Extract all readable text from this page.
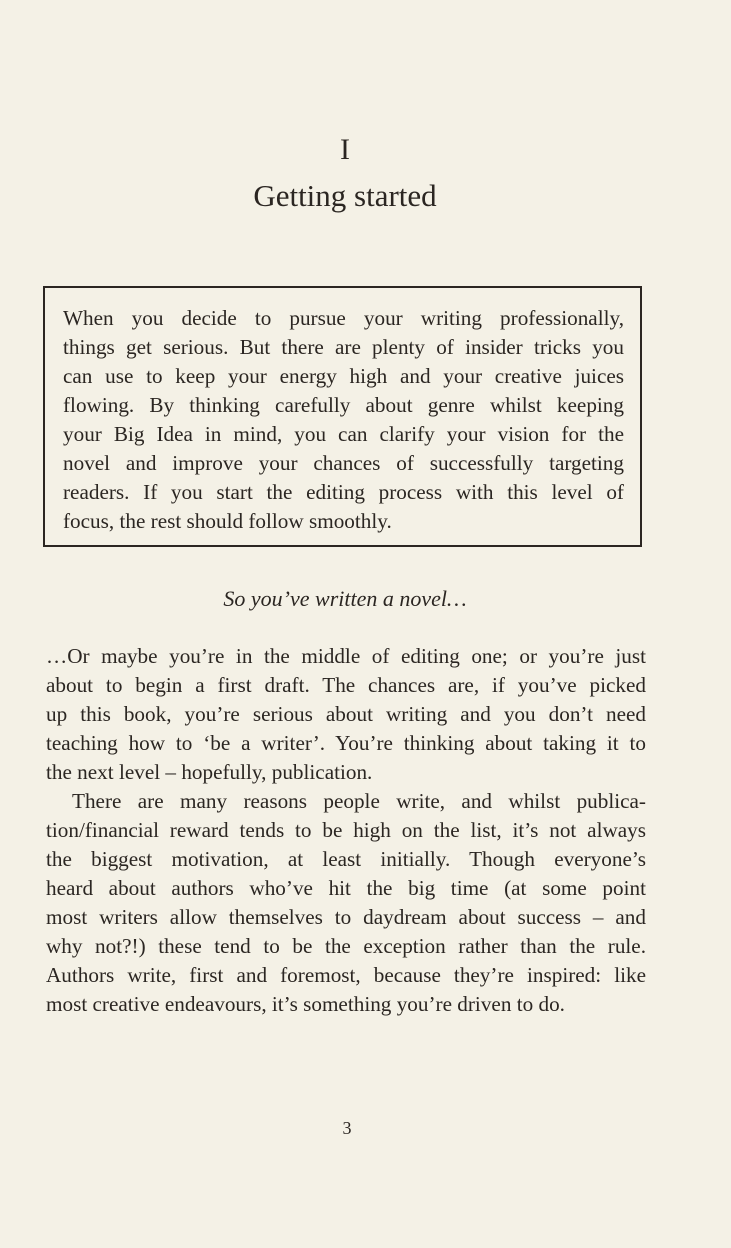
I
Getting started
When you decide to pursue your writing professionally,
things get serious. But there are plenty of insider tricks you
can use to keep your energy high and your creative juices
flowing. By thinking carefully about genre whilst keeping
your Big Idea in mind, you can clarify your vision for the
novel and improve your chances of successfully targeting
readers. If you start the editing process with this level of
focus, the rest should follow smoothly.
So you’ve written a novel…
…Or maybe you’re in the middle of editing one; or you’re just
about to begin a first draft. The chances are, if you’ve picked
up this book, you’re serious about writing and you don’t need
teaching how to ‘be a writer’. You’re thinking about taking it to
the next level – hopefully, publication.
There are many reasons people write, and whilst publica-
tion/financial reward tends to be high on the list, it’s not always
the biggest motivation, at least initially. Though everyone’s
heard about authors who’ve hit the big time (at some point
most writers allow themselves to daydream about success – and
why not?!) these tend to be the exception rather than the rule.
Authors write, first and foremost, because they’re inspired: like
most creative endeavours, it’s something you’re driven to do.
3
